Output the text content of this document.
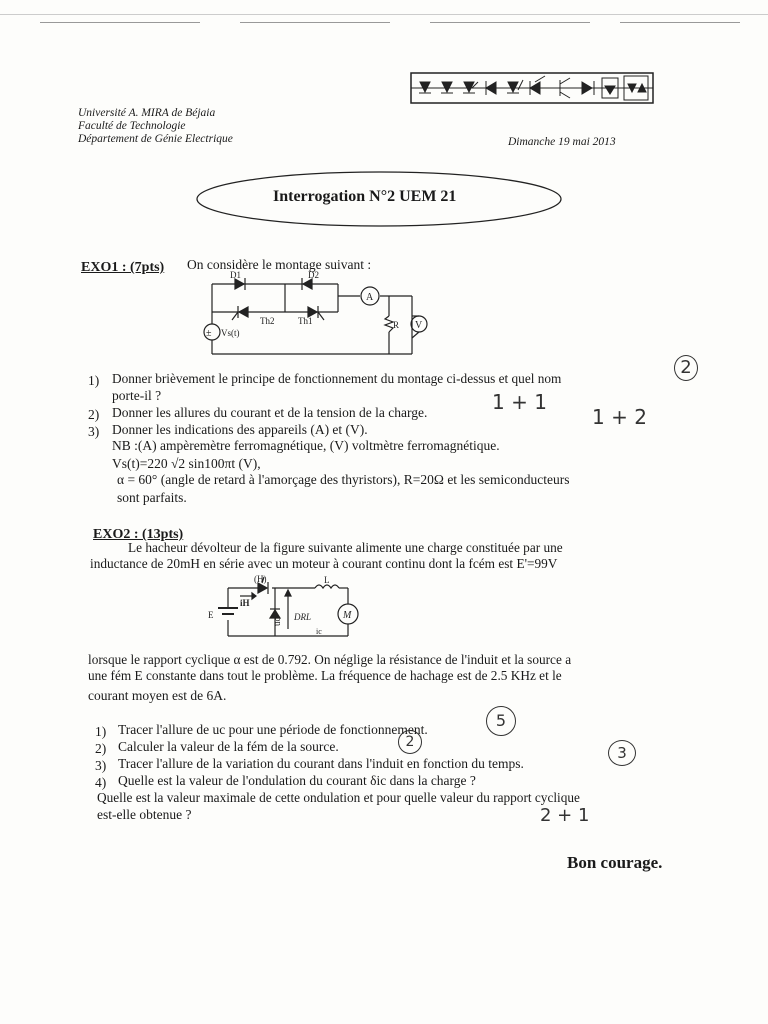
Université A. MIRA de Béjaia
Faculté de Technologie
Département de Génie Electrique	Dimanche 19 mai 2013
Interrogation N°2 UEM 21
EXO1 : (7pts) On considère le montage suivant :
D1	D2
Th2	Th1
Vs(t)
A
V
R
±
1) Donner brièvement le principe de fonctionnement du montage ci-dessus et quel nom
porte-il ?
2) Donner les allures du courant et de la tension de la charge.
3) Donner les indications des appareils (A) et (V).
NB :(A) ampèremètre ferromagnétique, (V) voltmètre ferromagnétique.
Vs(t)=220 √2 sin100πt (V),
α = 60° (angle de retard à l'amorçage des thyristors), R=20Ω et les semiconducteurs
sont parfaits.
2
1 + 1
1 + 2
EXO2 : (13pts)
Le hacheur dévolteur de la figure suivante alimente une charge constituée par une
inductance de 20mH en série avec un moteur à courant continu dont la fcém est E'=99V
(H)
iH
E
uc DRL
L
M
ic
lorsque le rapport cyclique α est de 0.792. On néglige la résistance de l'induit et la source a
une fém E constante dans tout le problème. La fréquence de hachage est de 2.5 KHz et le
courant moyen est de 6A.
1) Tracer l'allure de uc pour une période de fonctionnement.
2) Calculer la valeur de la fém de la source.
3) Tracer l'allure de la variation du courant dans l'induit en fonction du temps.
4) Quelle est la valeur de l'ondulation du courant δic dans la charge ?
Quelle est la valeur maximale de cette ondulation et pour quelle valeur du rapport cyclique
est-elle obtenue ?
5
2
3
2 + 1
Bon courage.
